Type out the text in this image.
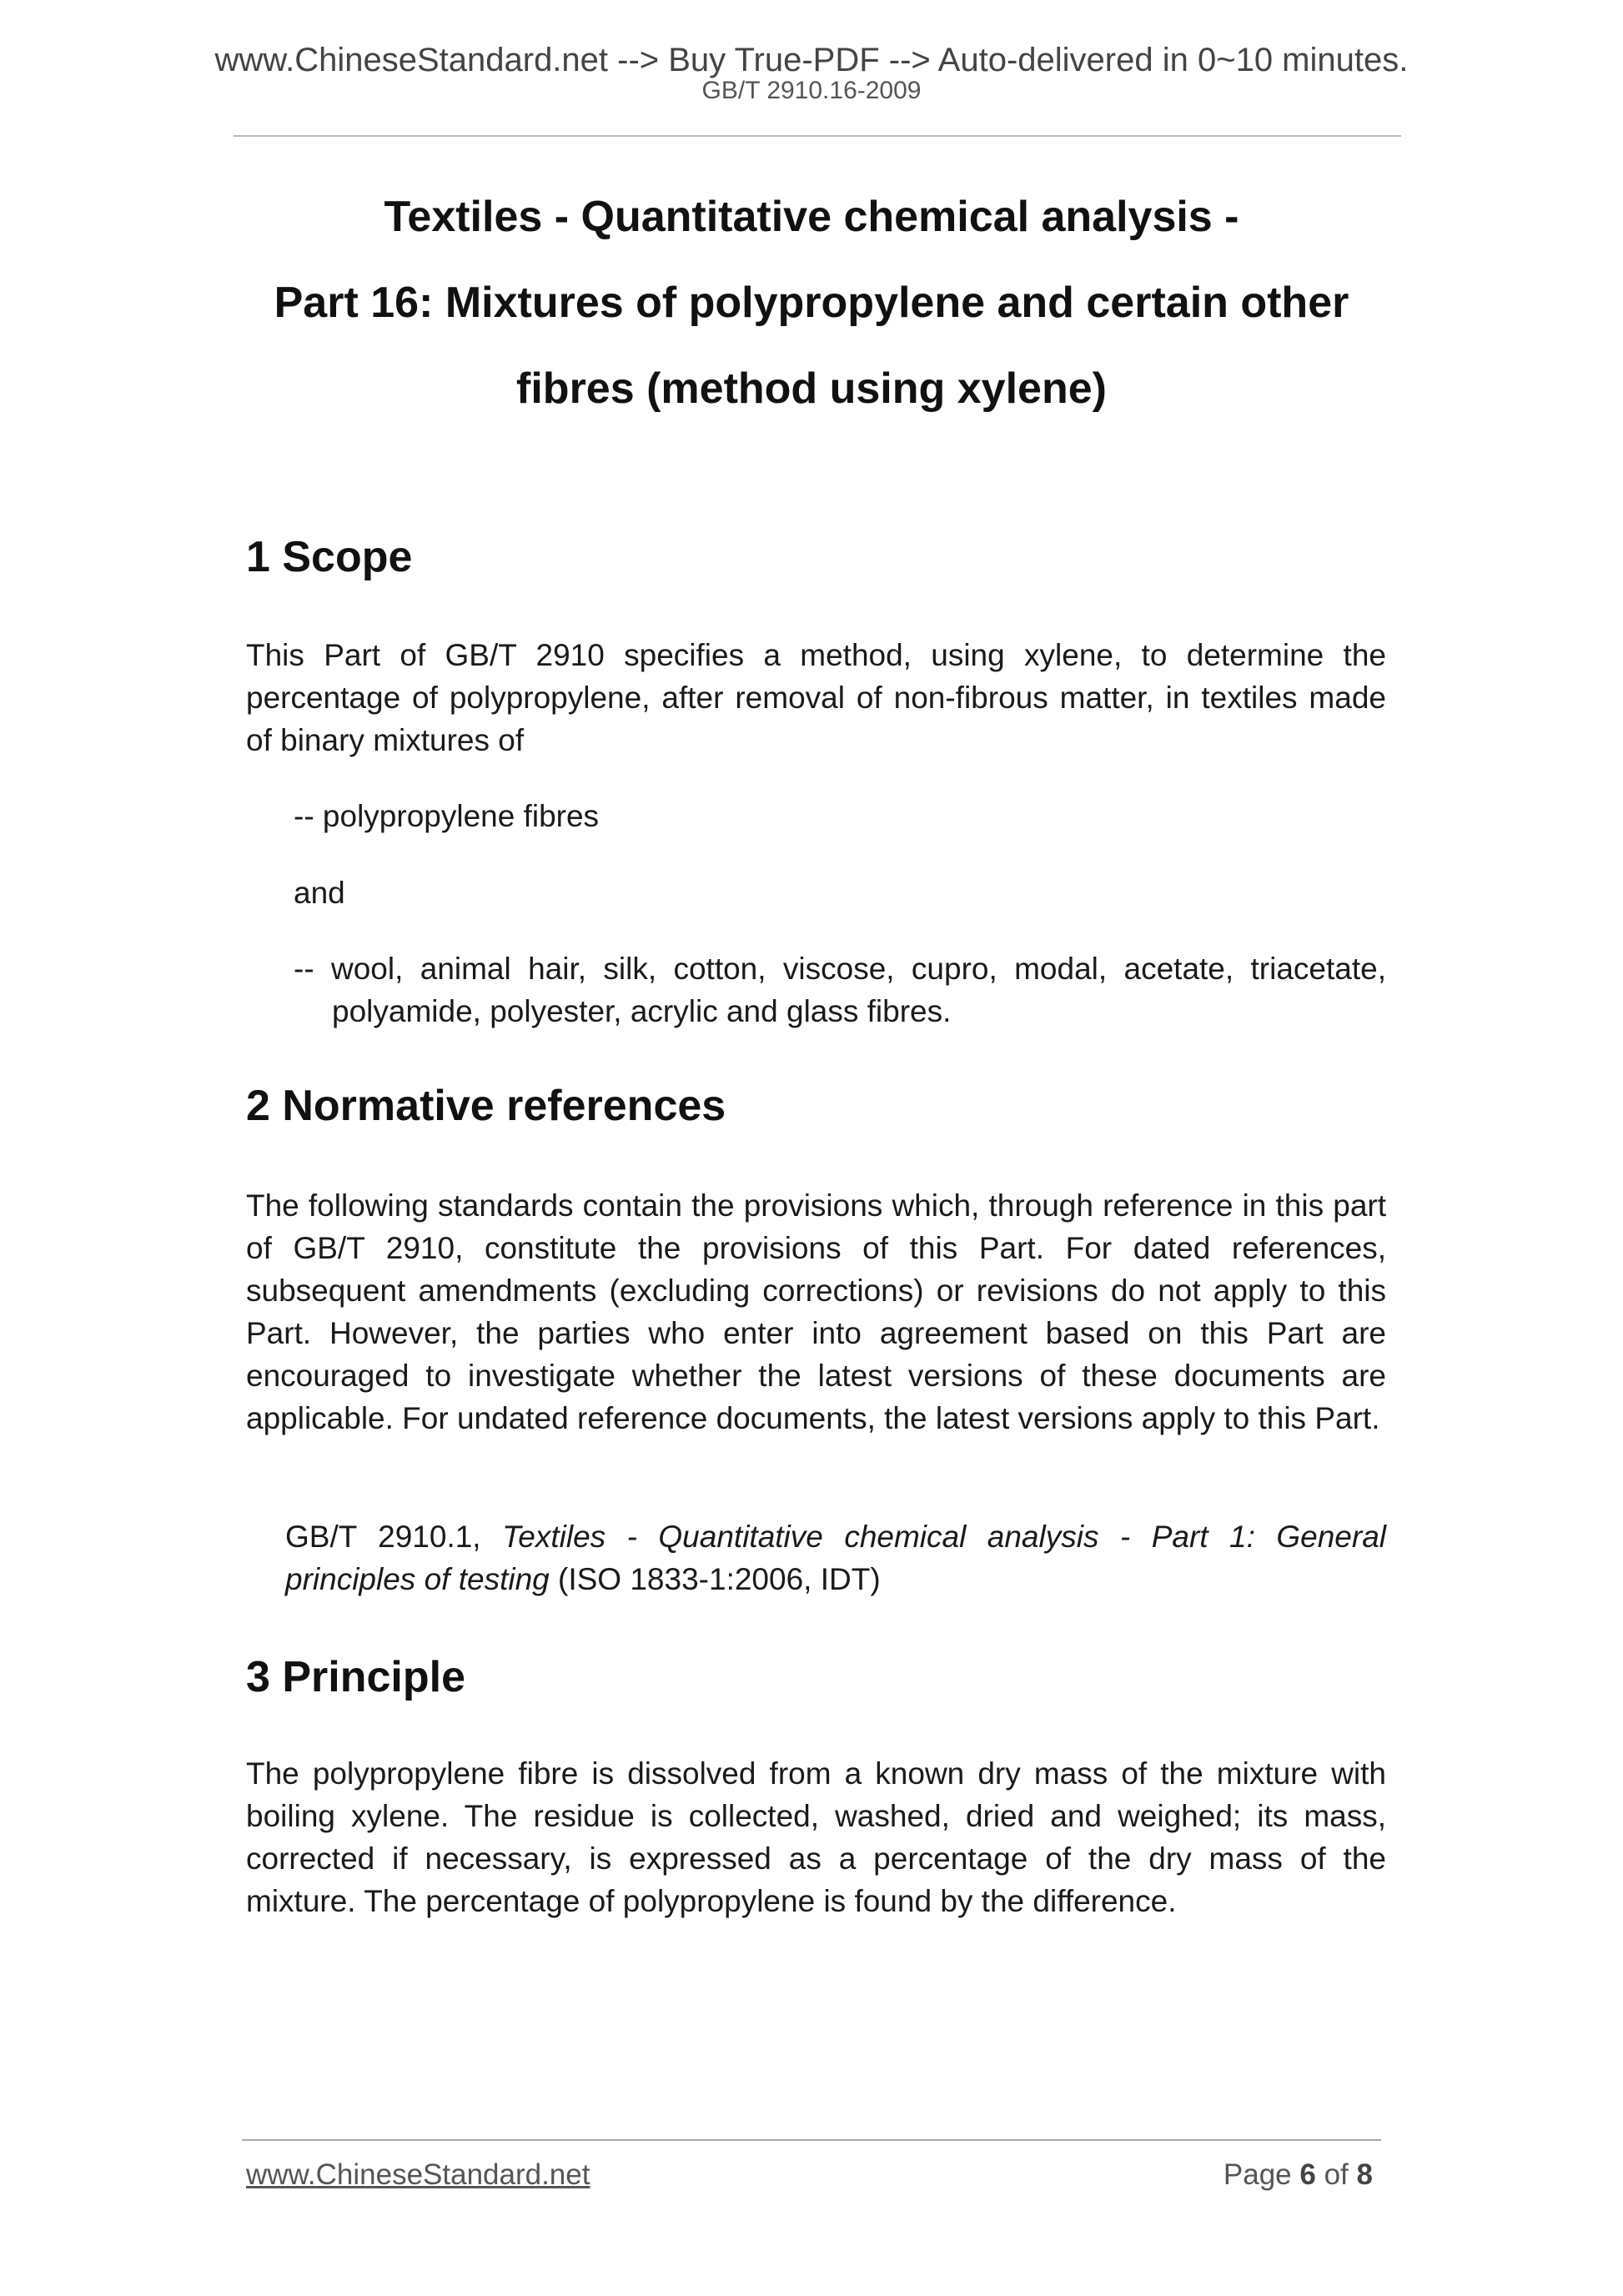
www.ChineseStandard.net --> Buy True-PDF --> Auto-delivered in 0~10 minutes.
GB/T 2910.16-2009
Textiles - Quantitative chemical analysis -
Part 16: Mixtures of polypropylene and certain other
fibres (method using xylene)
1 Scope
This Part of GB/T 2910 specifies a method, using xylene, to determine the percentage of polypropylene, after removal of non-fibrous matter, in textiles made of binary mixtures of
-- polypropylene fibres
and
-- wool, animal hair, silk, cotton, viscose, cupro, modal, acetate, triacetate, polyamide, polyester, acrylic and glass fibres.
2 Normative references
The following standards contain the provisions which, through reference in this part of GB/T 2910, constitute the provisions of this Part. For dated references, subsequent amendments (excluding corrections) or revisions do not apply to this Part. However, the parties who enter into agreement based on this Part are encouraged to investigate whether the latest versions of these documents are applicable. For undated reference documents, the latest versions apply to this Part.
GB/T 2910.1, Textiles - Quantitative chemical analysis - Part 1: General principles of testing (ISO 1833-1:2006, IDT)
3 Principle
The polypropylene fibre is dissolved from a known dry mass of the mixture with boiling xylene. The residue is collected, washed, dried and weighed; its mass, corrected if necessary, is expressed as a percentage of the dry mass of the mixture. The percentage of polypropylene is found by the difference.
www.ChineseStandard.net	Page 6 of 8
